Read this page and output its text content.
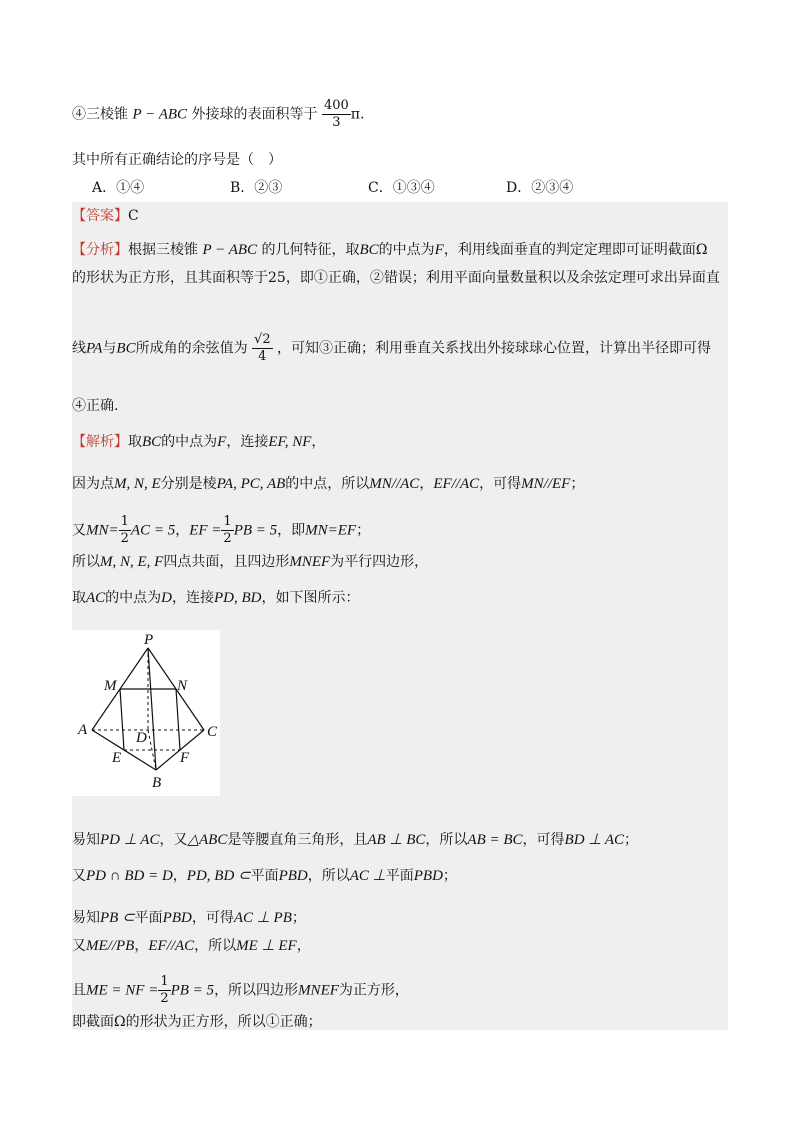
④三棱锥 P − ABC 外接球的表面积等于 $\frac{400}{3} \pi$.
其中所有正确结论的序号是（　）
A．①④	B．②③	C．①③④	D．②③④
【答案】C
【分析】根据三棱锥 P − ABC 的几何特征，取BC的中点为F，利用线面垂直的判定定理即可证明截面Ω
的形状为正方形，且其面积等于25，即①正确，②错误；利用平面向量数量积以及余弦定理可求出异面直
线PA与BC所成角的余弦值为 $\frac{√2}{4}$ ，可知③正确；利用垂直关系找出外接球球心位置，计算出半径即可得
④正确.
【解析】取BC的中点为F，连接EF, NF，
因为点M, N, E分别是棱PA, PC, AB的中点，所以MN//AC，EF//AC，可得MN//EF；
又$MN= \frac{1}{2}$ AC = 5，EF = $\frac{1}{2}$ PB = 5，即MN=EF；
所以M, N, E, F四点共面，且四边形MNEF为平行四边形，
取AC的中点为D，连接PD, BD，如下图所示：
P
M	N
A	C
D
E	F
B
易知PD ⊥ AC，又△ABC是等腰直角三角形，且AB ⊥ BC，所以AB = BC，可得BD ⊥ AC；
又PD ∩ BD = D，PD, BD ⊂平面PBD，所以AC ⊥平面PBD；
易知PB ⊂平面PBD，可得AC ⊥ PB；
又ME//PB，EF//AC，所以ME ⊥ EF，
且ME = NF = $\frac{1}{2}$ PB = 5，所以四边形MNEF为正方形，
即截面Ω的形状为正方形，所以①正确；
